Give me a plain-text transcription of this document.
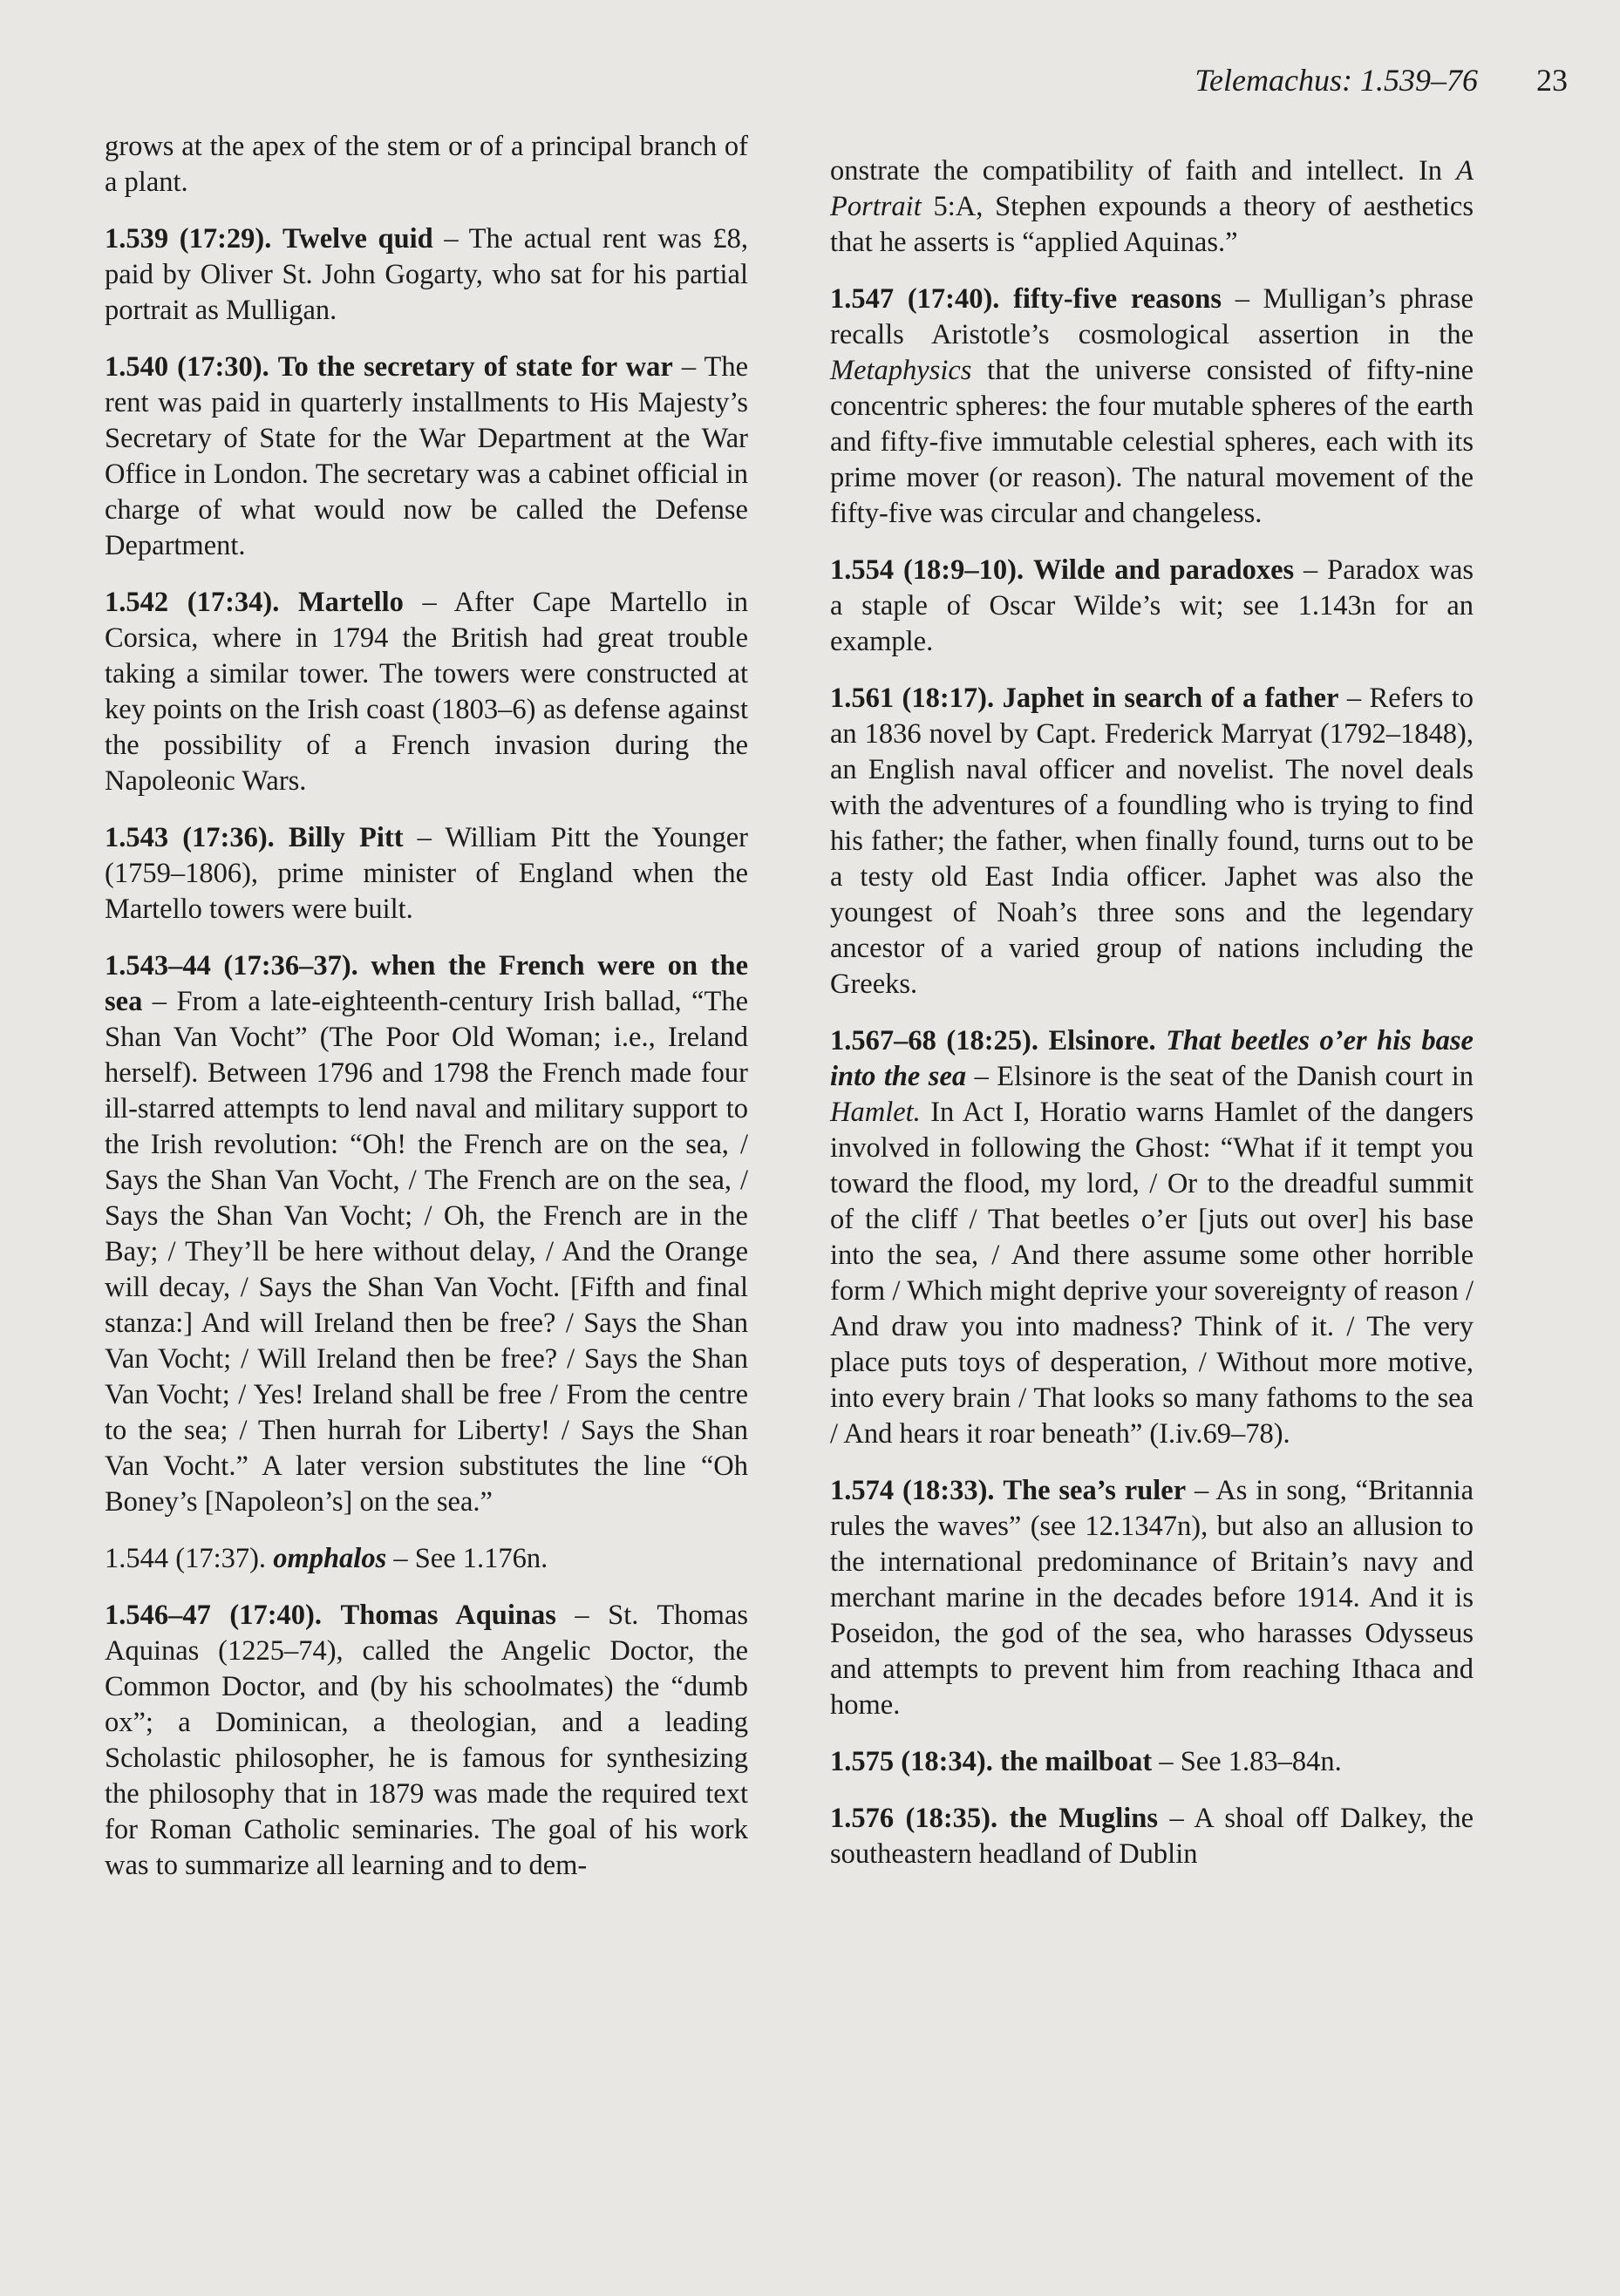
Telemachus: 1.539–76 23

grows at the apex of the stem or of a principal branch of a plant.

1.539 (17:29). Twelve quid – The actual rent was £8, paid by Oliver St. John Gogarty, who sat for his partial portrait as Mulligan.

1.540 (17:30). To the secretary of state for war – The rent was paid in quarterly installments to His Majesty’s Secretary of State for the War Department at the War Office in London. The secretary was a cabinet official in charge of what would now be called the Defense Department.

1.542 (17:34). Martello – After Cape Martello in Corsica, where in 1794 the British had great trouble taking a similar tower. The towers were constructed at key points on the Irish coast (1803–6) as defense against the possibility of a French invasion during the Napoleonic Wars.

1.543 (17:36). Billy Pitt – William Pitt the Younger (1759–1806), prime minister of England when the Martello towers were built.

1.543–44 (17:36–37). when the French were on the sea – From a late-eighteenth-century Irish ballad, “The Shan Van Vocht” (The Poor Old Woman; i.e., Ireland herself). Between 1796 and 1798 the French made four ill-starred attempts to lend naval and military support to the Irish revolution: “Oh! the French are on the sea, / Says the Shan Van Vocht, / The French are on the sea, / Says the Shan Van Vocht; / Oh, the French are in the Bay; / They’ll be here without delay, / And the Orange will decay, / Says the Shan Van Vocht. [Fifth and final stanza:] And will Ireland then be free? / Says the Shan Van Vocht; / Will Ireland then be free? / Says the Shan Van Vocht; / Yes! Ireland shall be free / From the centre to the sea; / Then hurrah for Liberty! / Says the Shan Van Vocht.” A later version substitutes the line “Oh Boney’s [Napoleon’s] on the sea.”

1.544 (17:37). omphalos – See 1.176n.

1.546–47 (17:40). Thomas Aquinas – St. Thomas Aquinas (1225–74), called the Angelic Doctor, the Common Doctor, and (by his schoolmates) the “dumb ox”; a Dominican, a theologian, and a leading Scholastic philosopher, he is famous for synthesizing the philosophy that in 1879 was made the required text for Roman Catholic seminaries. The goal of his work was to summarize all learning and to dem-

onstrate the compatibility of faith and intellect. In A Portrait 5:A, Stephen expounds a theory of aesthetics that he asserts is “applied Aquinas.”

1.547 (17:40). fifty-five reasons – Mulligan’s phrase recalls Aristotle’s cosmological assertion in the Metaphysics that the universe consisted of fifty-nine concentric spheres: the four mutable spheres of the earth and fifty-five immutable celestial spheres, each with its prime mover (or reason). The natural movement of the fifty-five was circular and changeless.

1.554 (18:9–10). Wilde and paradoxes – Paradox was a staple of Oscar Wilde’s wit; see 1.143n for an example.

1.561 (18:17). Japhet in search of a father – Refers to an 1836 novel by Capt. Frederick Marryat (1792–1848), an English naval officer and novelist. The novel deals with the adventures of a foundling who is trying to find his father; the father, when finally found, turns out to be a testy old East India officer. Japhet was also the youngest of Noah’s three sons and the legendary ancestor of a varied group of nations including the Greeks.

1.567–68 (18:25). Elsinore. That beetles o’er his base into the sea – Elsinore is the seat of the Danish court in Hamlet. In Act I, Horatio warns Hamlet of the dangers involved in following the Ghost: “What if it tempt you toward the flood, my lord, / Or to the dreadful summit of the cliff / That beetles o’er [juts out over] his base into the sea, / And there assume some other horrible form / Which might deprive your sovereignty of reason / And draw you into madness? Think of it. / The very place puts toys of desperation, / Without more motive, into every brain / That looks so many fathoms to the sea / And hears it roar beneath” (I.iv.69–78).

1.574 (18:33). The sea’s ruler – As in song, “Britannia rules the waves” (see 12.1347n), but also an allusion to the international predominance of Britain’s navy and merchant marine in the decades before 1914. And it is Poseidon, the god of the sea, who harasses Odysseus and attempts to prevent him from reaching Ithaca and home.

1.575 (18:34). the mailboat – See 1.83–84n.

1.576 (18:35). the Muglins – A shoal off Dalkey, the southeastern headland of Dublin
